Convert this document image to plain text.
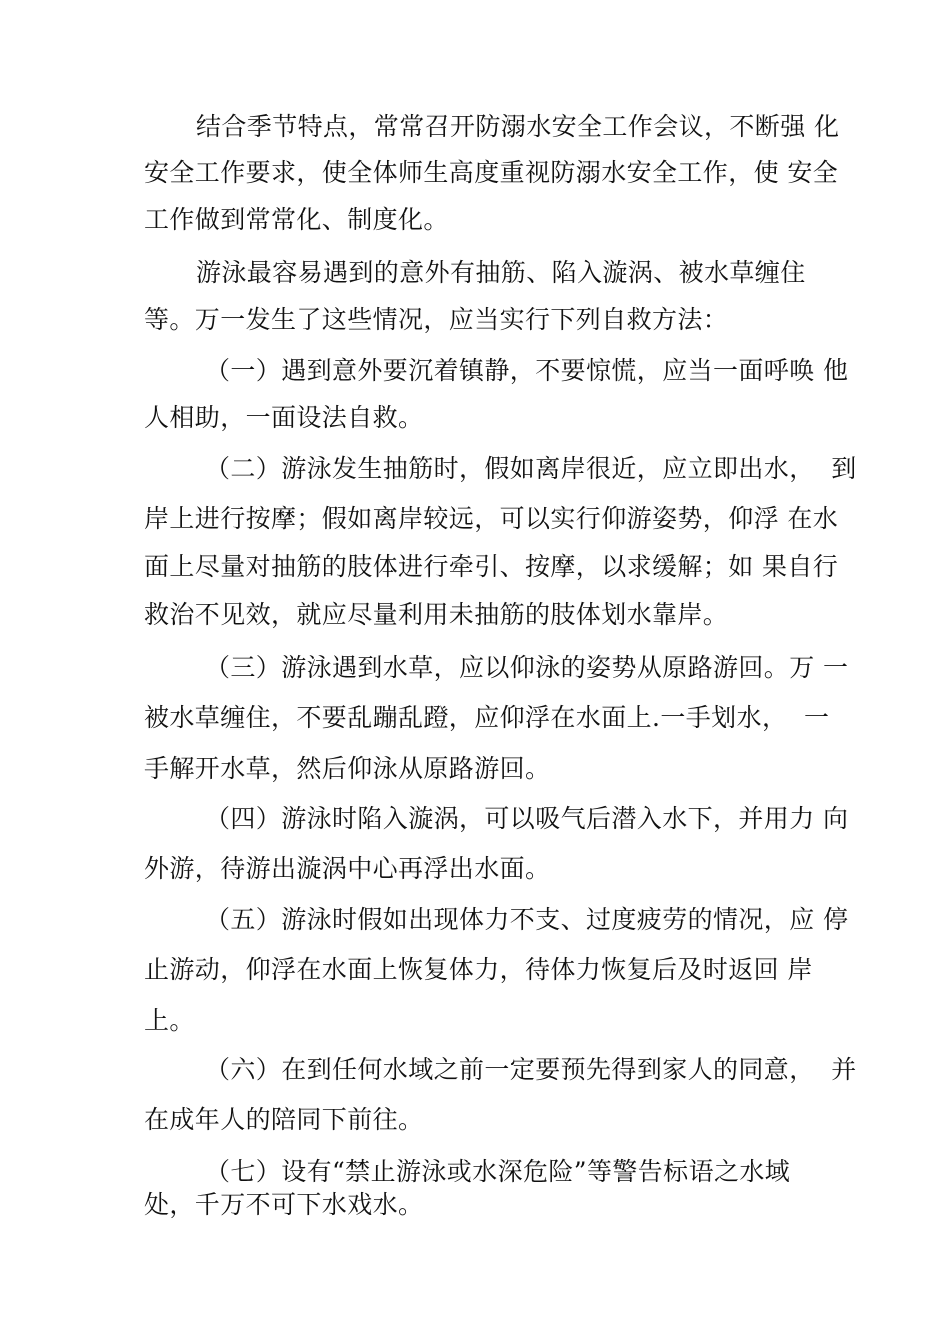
结合季节特点，常常召开防溺水安全工作会议，不断强 化
安全工作要求，使全体师生高度重视防溺水安全工作，使 安全
工作做到常常化、制度化。
游泳最容易遇到的意外有抽筋、陷入漩涡、被水草缠住
等。万一发生了这些情况，应当实行下列自救方法：
（一）遇到意外要沉着镇静，不要惊慌，应当一面呼唤 他
人相助，一面设法自救。
（二）游泳发生抽筋时，假如离岸很近，应立即出水，  到
岸上进行按摩；假如离岸较远，可以实行仰游姿势，仰浮 在水
面上尽量对抽筋的肢体进行牵引、按摩，以求缓解；如 果自行
救治不见效，就应尽量利用未抽筋的肢体划水靠岸。
（三）游泳遇到水草，应以仰泳的姿势从原路游回。万 一
被水草缠住，不要乱蹦乱蹬，应仰浮在水面上.一手划水，  一
手解开水草，然后仰泳从原路游回。
（四）游泳时陷入漩涡，可以吸气后潜入水下，并用力 向
外游，待游出漩涡中心再浮出水面。
（五）游泳时假如出现体力不支、过度疲劳的情况，应 停
止游动，仰浮在水面上恢复体力，待体力恢复后及时返回 岸
上。
（六）在到任何水域之前一定要预先得到家人的同意，  并
在成年人的陪同下前往。
（七）设有“禁止游泳或水深危险”等警告标语之水域
处，千万不可下水戏水。
